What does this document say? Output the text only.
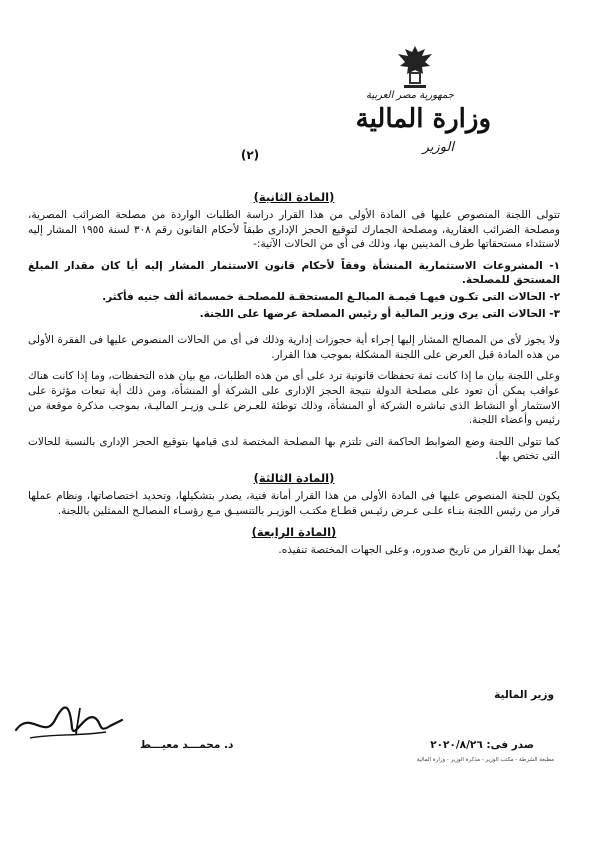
جمهورية مصر العربية
وزارة المالية
الوزير
(٢)
(المادة الثانية)

تتولى اللجنة المنصوص عليها فى المادة الأولى من هذا القرار دراسة الطلبات الواردة من مصلحة الضرائب المصرية، ومصلحة الضرائب العقارية، ومصلحة الجمارك لتوقيع الحجز الإدارى طبقاً لأحكام القانون رقم ٣٠٨ لسنة ١٩٥٥ المشار إليه لاستئداء مستحقاتها طرف المدينين بها، وذلك فى أى من الحالات الآتية:-

١- المشروعات الاستثمارية المنشأة وفقاً لأحكام قانون الاستثمار المشار إليه أيا كان مقدار المبلغ المستحق للمصلحة.

٢- الحالات التى تكـون فيهـا قيمـة المبالـغ المستحقـة للمصلحـة خمسمائة ألف جنيه فأكثر.

٣- الحالات التى يرى وزير المالية أو رئيس المصلحة عرضها على اللجنة.

ولا يجوز لأى من المصالح المشار إليها إجراء أية حجوزات إدارية وذلك فى أى من الحالات المنصوص عليها فى الفقرة الأولى من هذه المادة قبل العرض على اللجنة المشكلة بموجب هذا القرار.

وعلى اللجنة بيان ما إذا كانت ثمة تحفظات قانونية ترد على أى من هذه الطلبات، مع بيان هذه التحفظات، وما إذا كانت هناك عواقب يمكن أن تعود على مصلحة الدولة نتيجة الحجز الإدارى على الشركة أو المنشأة، ومن ذلك أية تبعات مؤثرة على الاستثمار أو النشاط الذى تباشره الشركة أو المنشأة، وذلك توطئة للعـرض علـى وزيـر الماليـة، بموجب مذكرة موقعة من رئيس وأعضاء اللجنة.

كما تتولى اللجنة وضع الضوابط الحاكمة التى تلتزم بها المصلحة المختصة لدى قيامها بتوقيع الحجز الإدارى بالنسبة للحالات التى تختص بها.

(المادة الثالثة)

يكون للجنة المنصوص عليها فى المادة الأولى من هذا القرار أمانة فنية، يصدر بتشكيلها، وتحديد اختصاصاتها، ونظام عملها قرار من رئيس اللجنة بنـاء علـى عـرض رئيـس قطـاع مكتـب الوزيـر بالتنسيـق مـع رؤسـاء المصالـح الممثلين باللجنة.

(المادة الرابعة)

يُعمل بهذا القرار من تاريخ صدوره، وعلى الجهات المختصة تنفيذه.

وزير المالية
د. محمـــد معيـــط	صدر فى: ٢٠٢٠/٨/٢٦
مطبعة الشرطة - مكتب الوزير - مذكرة الوزير - وزارة المالية
